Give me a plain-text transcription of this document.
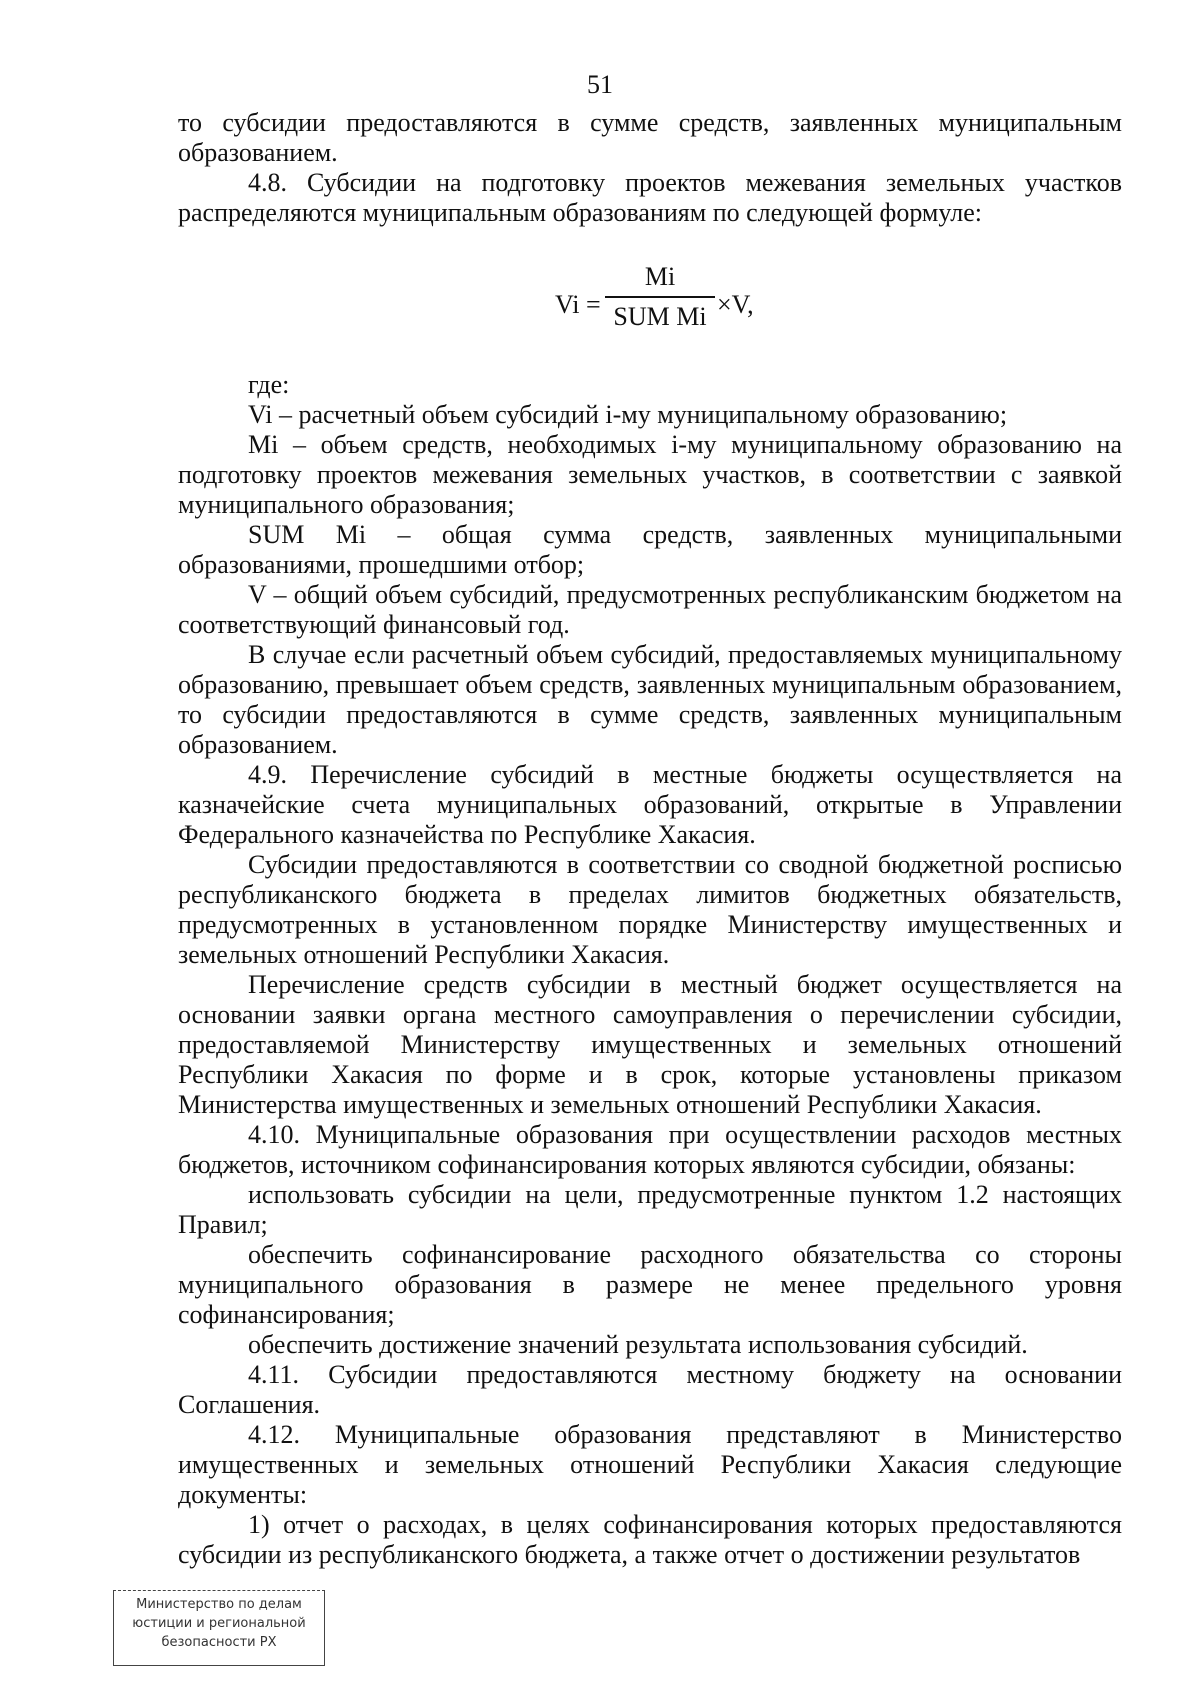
51

то субсидии предоставляются в сумме средств, заявленных муниципальным образованием.

4.8. Субсидии на подготовку проектов межевания земельных участков распределяются муниципальным образованиям по следующей формуле:

Vi =
Mi
SUM Mi ×V,

где:

Vi – расчетный объем субсидий i-му муниципальному образованию;

Mi – объем средств, необходимых i-му муниципальному образованию на подготовку проектов межевания земельных участков, в соответствии с заявкой муниципального образования;

SUM Mi – общая сумма средств, заявленных муниципальными образованиями, прошедшими отбор;

V – общий объем субсидий, предусмотренных республиканским бюджетом на соответствующий финансовый год.

В случае если расчетный объем субсидий, предоставляемых муниципальному образованию, превышает объем средств, заявленных муниципальным образованием, то субсидии предоставляются в сумме средств, заявленных муниципальным образованием.

4.9. Перечисление субсидий в местные бюджеты осуществляется на казначейские счета муниципальных образований, открытые в Управлении Федерального казначейства по Республике Хакасия.

Субсидии предоставляются в соответствии со сводной бюджетной росписью республиканского бюджета в пределах лимитов бюджетных обязательств, предусмотренных в установленном порядке Министерству имущественных и земельных отношений Республики Хакасия.

Перечисление средств субсидии в местный бюджет осуществляется на основании заявки органа местного самоуправления о перечислении субсидии, предоставляемой Министерству имущественных и земельных отношений Республики Хакасия по форме и в срок, которые установлены приказом Министерства имущественных и земельных отношений Республики Хакасия.

4.10. Муниципальные образования при осуществлении расходов местных бюджетов, источником софинансирования которых являются субсидии, обязаны:

использовать субсидии на цели, предусмотренные пунктом 1.2 настоящих Правил;

обеспечить софинансирование расходного обязательства со стороны муниципального образования в размере не менее предельного уровня софинансирования;

обеспечить достижение значений результата использования субсидий.

4.11. Субсидии предоставляются местному бюджету на основании Соглашения.

4.12. Муниципальные образования представляют в Министерство имущественных и земельных отношений Республики Хакасия следующие документы:

1) отчет о расходах, в целях софинансирования которых предоставляются субсидии из республиканского бюджета, а также отчет о достижении результатов

Министерство по делам
юстиции и региональной
безопасности РХ
